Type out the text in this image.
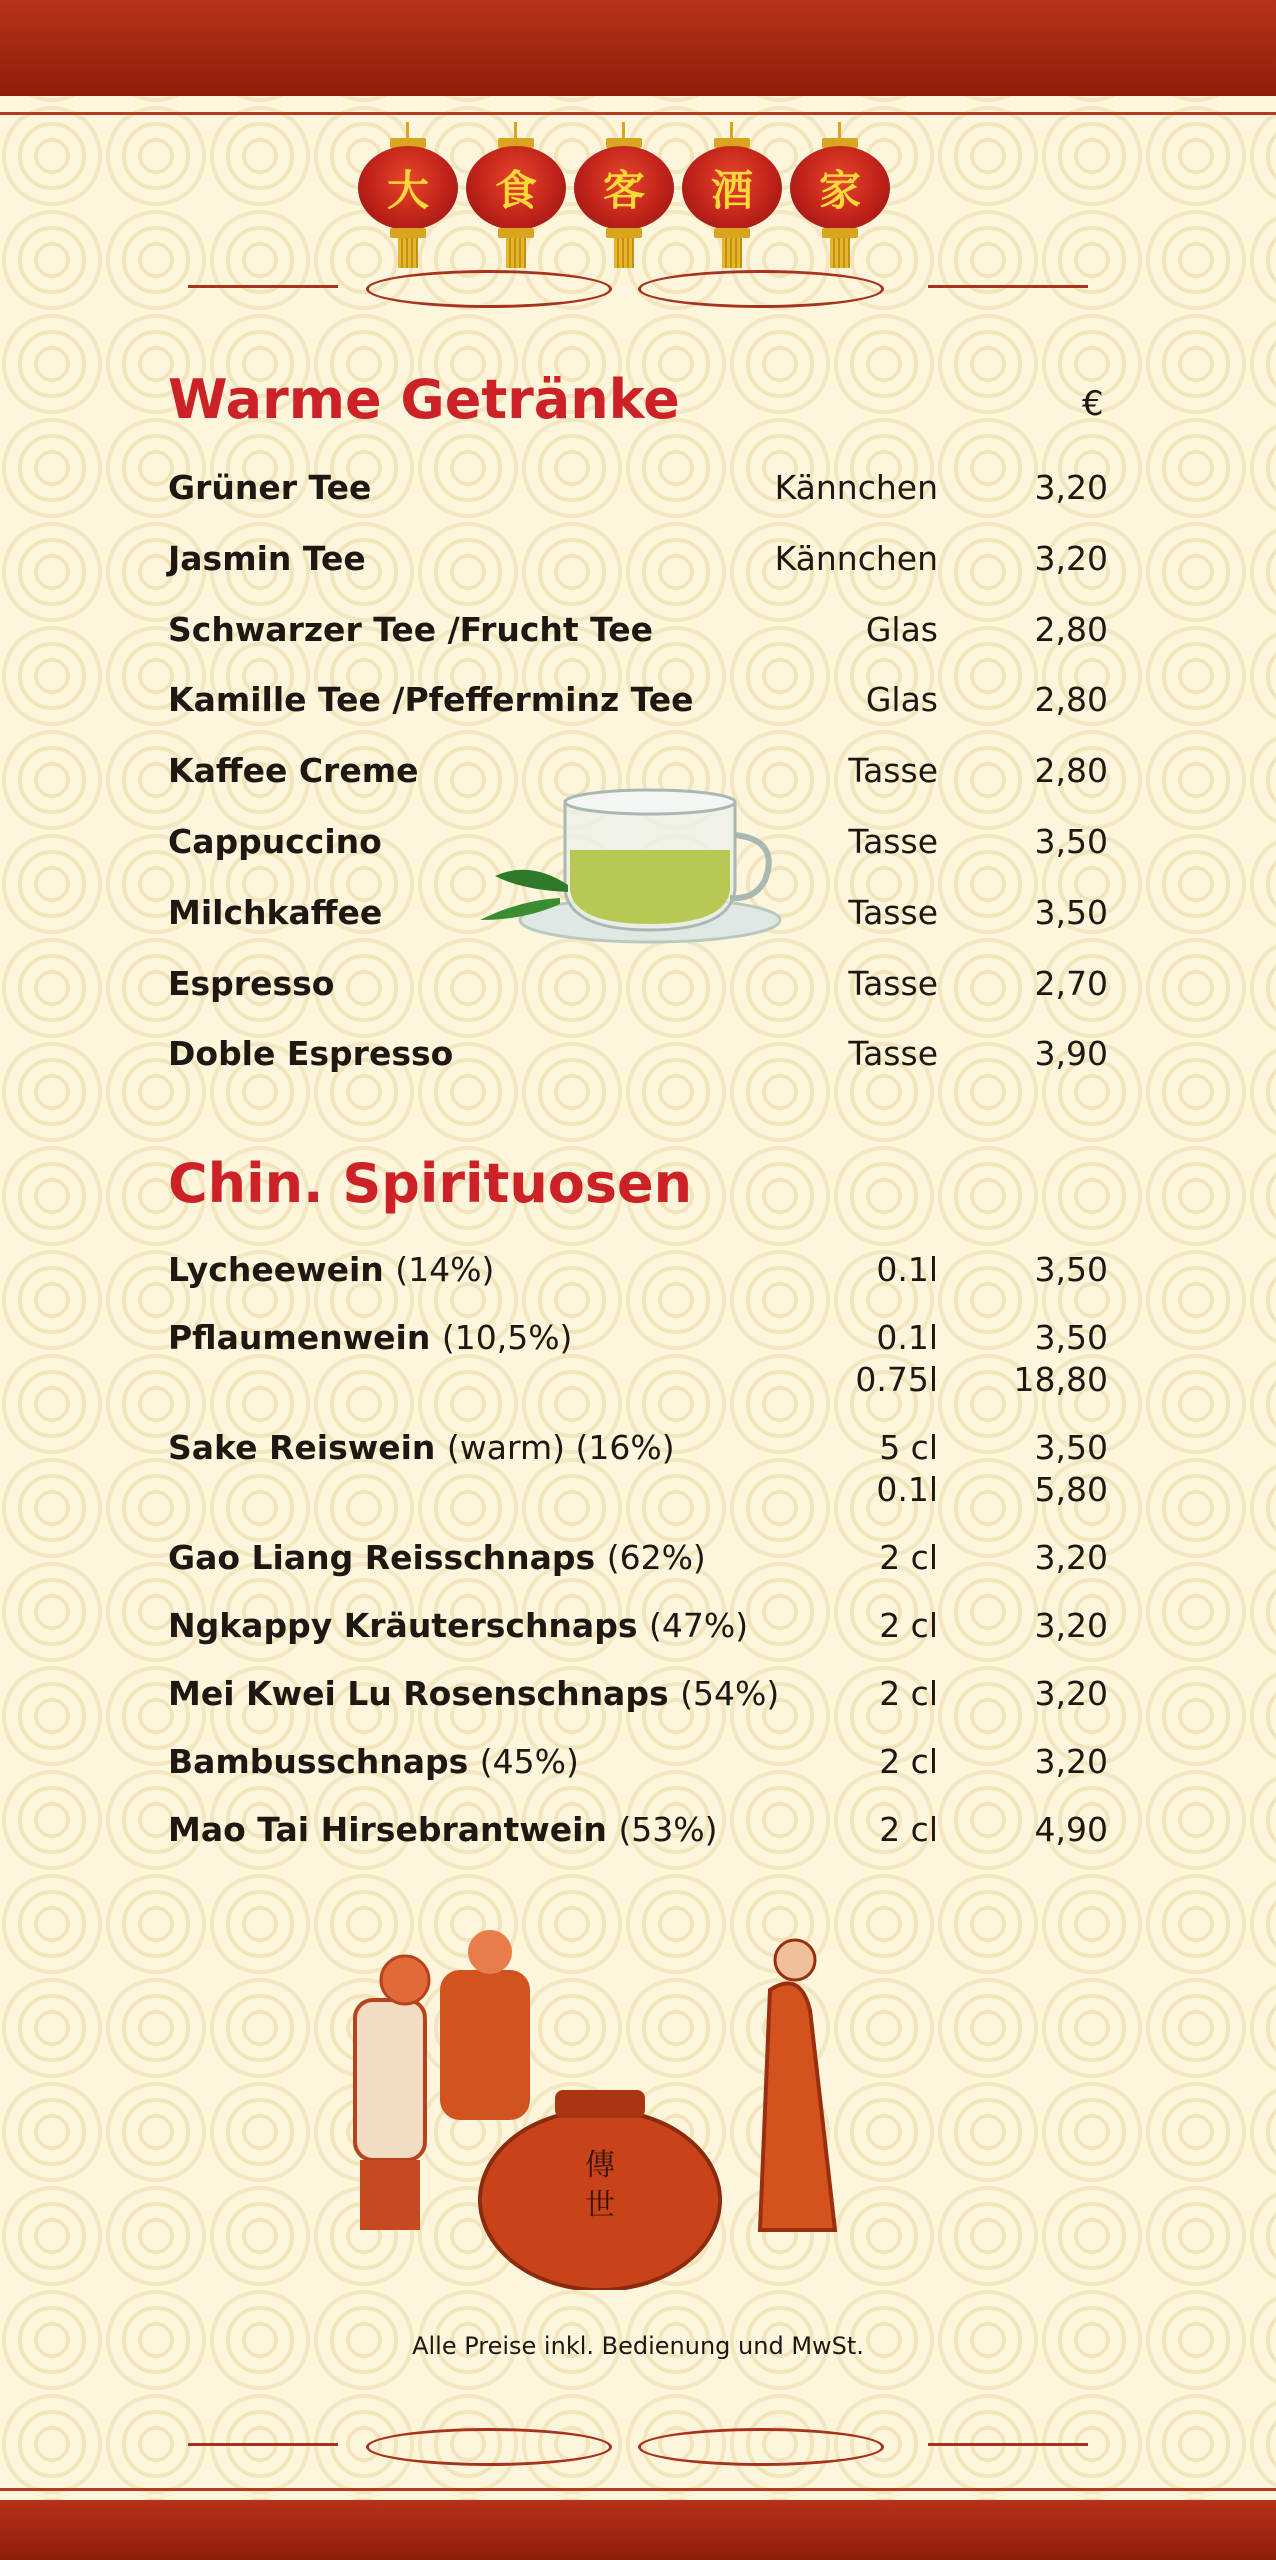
大	食	客	酒	家
Warme Getränke	€
Grüner Tee	Kännchen	3,20
Jasmin Tee	Kännchen	3,20
Schwarzer Tee /Frucht Tee	Glas	2,80
Kamille Tee /Pfefferminz Tee	Glas	2,80
Kaffee Creme	Tasse	2,80
Cappuccino	Tasse	3,50
Milchkaffee	Tasse	3,50
Espresso	Tasse	2,70
Doble Espresso	Tasse	3,90
Chin. Spirituosen
Lycheewein (14%)	0.1l	3,50
Pflaumenwein (10,5%)	0.1l	3,50
0.75l 18,80
Sake Reiswein (warm) (16%)	5 cl	3,50
0.1l	5,80
Gao Liang Reisschnaps (62%)	2 cl	3,20
Ngkappy Kräuterschnaps (47%)	2 cl	3,20
Mei Kwei Lu Rosenschnaps (54%)	2 cl	3,20
Bambusschnaps (45%)	2 cl	3,20
Mao Tai Hirsebrantwein (53%)	2 cl	4,90
傳
世
Alle Preise inkl. Bedienung und MwSt.
